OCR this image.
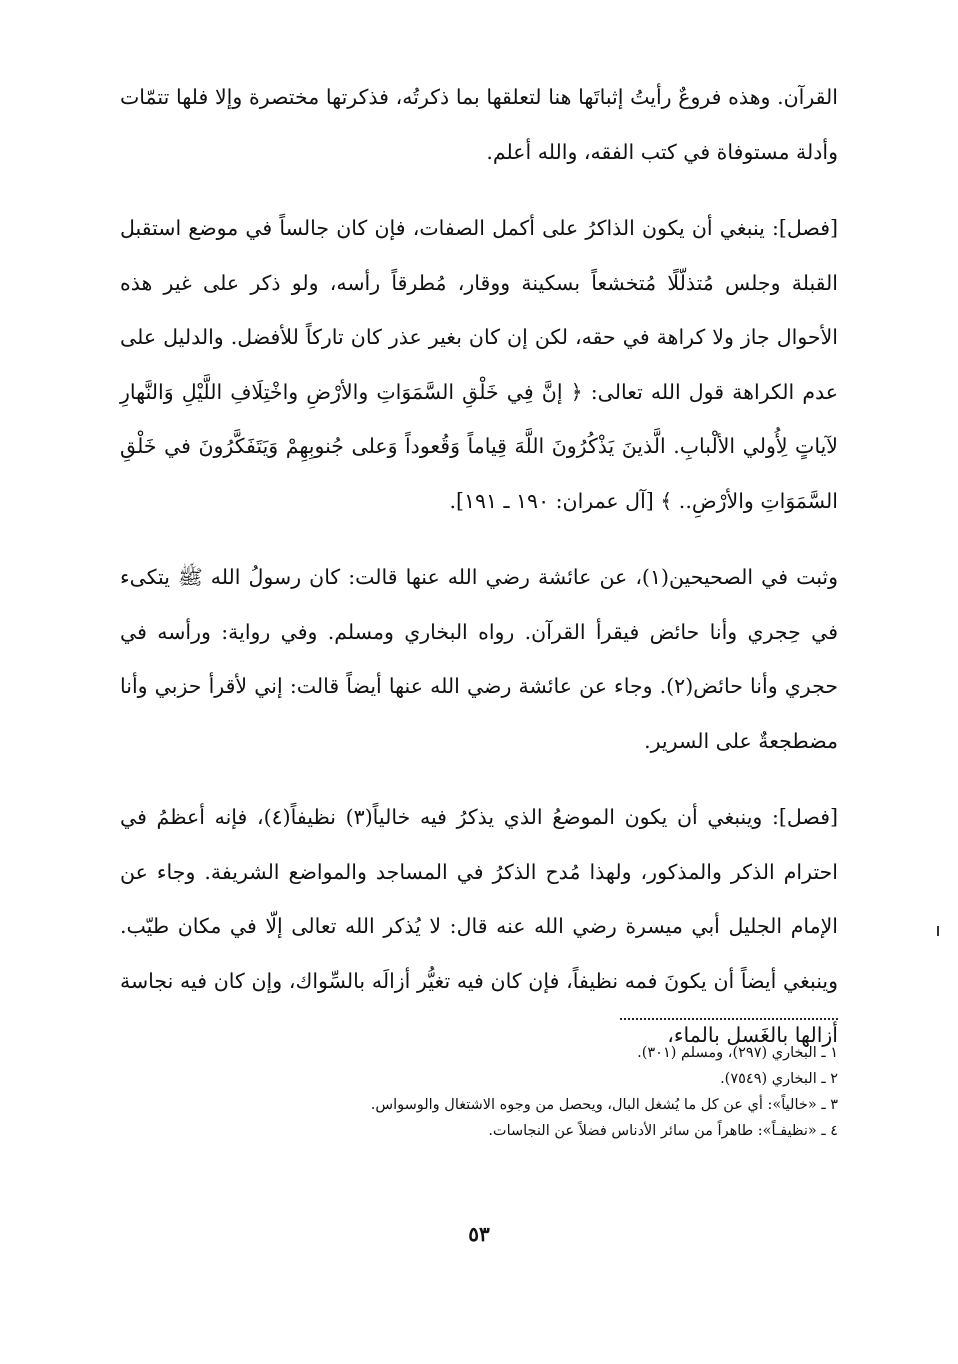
القرآن. وهذه فروعٌ رأيتُ إثباتَها هنا لتعلقها بما ذكرتُه، فذكرتها مختصرة وإلا فلها تتمّات وأدلة مستوفاة في كتب الفقه، والله أعلم.

[فصل]: ينبغي أن يكون الذاكرُ على أكمل الصفات، فإن كان جالساً في موضع استقبل القبلة وجلس مُتذلّلًا مُتخشعاً بسكينة ووقار، مُطرقاً رأسه، ولو ذكر على غير هذه الأحوال جاز ولا كراهة في حقه، لكن إن كان بغير عذر كان تاركاً للأفضل. والدليل على عدم الكراهة قول الله تعالى: ﴿ إنَّ فِي خَلْقِ السَّمَوَاتِ والأرْضِ واخْتِلَافِ اللَّيْلِ وَالنَّهارِ لآياتٍ لِأُولي الألْبابِ. الَّذينَ يَذْكُرُونَ اللَّهَ قِياماً وَقُعوداً وَعلى جُنوبِهِمْ وَيَتَفَكَّرُونَ في خَلْقِ السَّمَوَاتِ والأرْضِ.. ﴾ [آل عمران: ١٩٠ ـ ١٩١].

وثبت في الصحيحين(١)، عن عائشة رضي الله عنها قالت: كان رسولُ الله ﷺ يتكىء في حِجري وأنا حائض فيقرأ القرآن. رواه البخاري ومسلم. وفي رواية: ورأسه في حجري وأنا حائض(٢). وجاء عن عائشة رضي الله عنها أيضاً قالت: إني لأقرأ حزبي وأنا مضطجعةٌ على السرير.

[فصل]: وينبغي أن يكون الموضعُ الذي يذكرُ فيه خالياً(٣) نظيفاً(٤)، فإنه أعظمُ في احترام الذكر والمذكور، ولهذا مُدح الذكرُ في المساجد والمواضع الشريفة. وجاء عن الإمام الجليل أبي ميسرة رضي الله عنه قال: لا يُذكر الله تعالى إلّا في مكان طيّب. وينبغي أيضاً أن يكونَ فمه نظيفاً، فإن كان فيه تغيُّر أزالَه بالسِّواك، وإن كان فيه نجاسة أزالها بالغَسل بالماء،

١ ـ البخاري (٢٩٧)، ومسلم (٣٠١).
٢ ـ البخاري (٧٥٤٩).
٣ ـ «خالياً»: أي عن كل ما يُشغل البال، ويحصل من وجوه الاشتغال والوسواس.
٤ ـ «نظيفـاً»: طاهراً من سائر الأدناس فضلاً عن النجاسات.
٥٣
